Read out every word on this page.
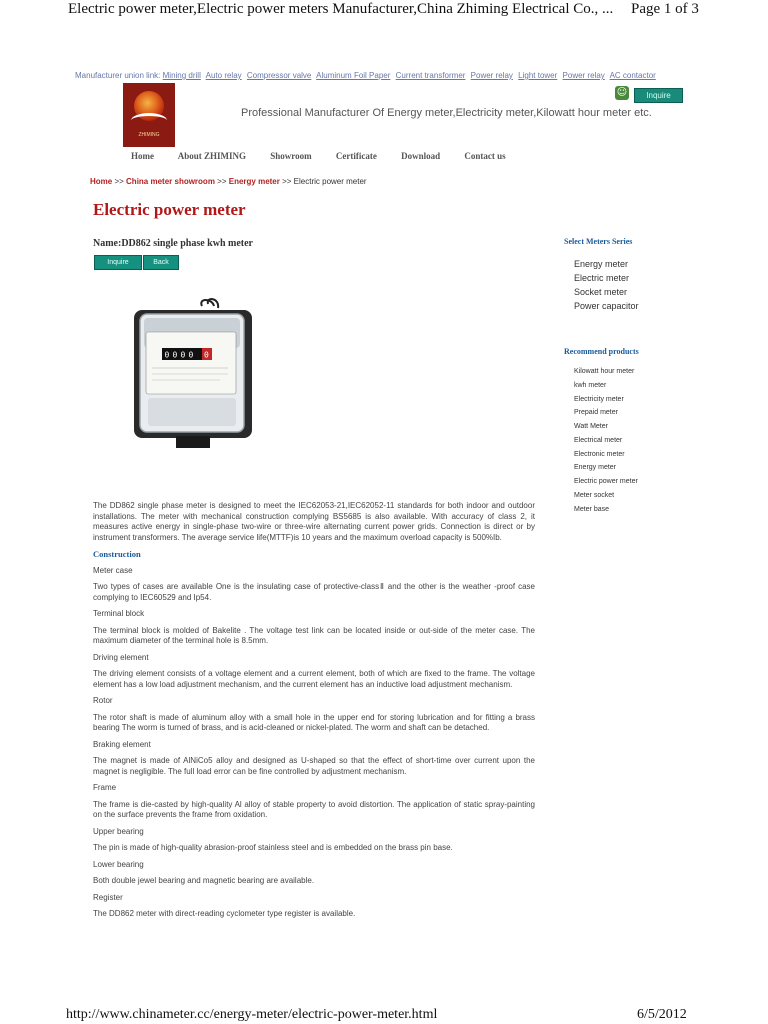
Electric power meter,Electric power meters Manufacturer,China Zhiming Electrical Co., ... Page 1 of 3
Manufacturer union link: Mining drill Auto relay Compressor valve Aluminum Foil Paper Current transformer Power relay Light tower Power relay AC contactor
ZHIMING
☺	Inquire
Professional Manufacturer Of Energy meter,Electricity meter,Kilowatt hour meter etc.
Home	About ZHIMING	Showroom	Certificate	Download	Contact us
Home >> China meter showroom >> Energy meter >> Electric power meter
Electric power meter
Name:DD862 single phase kwh meter
Inquire	Back
0 0 0 0 0
Select Meters Series
Energy meter
Electric meter
Socket meter
Power capacitor
Recommend products
Kilowatt hour meter
kwh meter
Electricity meter
Prepaid meter
Watt Meter
Electrical meter
Electronic meter
Energy meter
Electric power meter
Meter socket
Meter base

The DD862 single phase meter is designed to meet the IEC62053-21,IEC62052-11 standards for both indoor and outdoor installations. The meter with mechanical construction complying BS5685 is also available. With accuracy of class 2, it measures active energy in single-phase two-wire or three-wire alternating current power grids. Connection is direct or by instrument transformers. The average service life(MTTF)is 10 years and the maximum overload capacity is 500%Ib.

Construction

Meter case

Two types of cases are available One is the insulating case of protective-classⅡ and the other is the weather -proof case complying to IEC60529 and Ip54.

Terminal block

The terminal block is molded of Bakelite . The voltage test link can be located inside or out-side of the meter case. The maximum diameter of the terminal hole is 8.5mm.

Driving element

The driving element consists of a voltage element and a current element, both of which are fixed to the frame. The voltage element has a low load adjustment mechanism, and the current element has an inductive load adjustment mechanism.

Rotor

The rotor shaft is made of aluminum alloy with a small hole in the upper end for storing lubrication and for fitting a brass bearing The worm is turned of brass, and is acid-cleaned or nickel-plated. The worm and shaft can be detached.

Braking element

The magnet is made of AlNiCo5 alloy and designed as U-shaped so that the effect of short-time over current upon the magnet is negligible. The full load error can be fine controlled by adjustment mechanism.

Frame

The frame is die-casted by high-quality Al alloy of stable property to avoid distortion. The application of static spray-painting on the surface prevents the frame from oxidation.

Upper bearing

The pin is made of high-quality abrasion-proof stainless steel and is embedded on the brass pin base.

Lower bearing

Both double jewel bearing and magnetic bearing are available.

Register

The DD862 meter with direct-reading cyclometer type register is available.

http://www.chinameter.cc/energy-meter/electric-power-meter.html	6/5/2012
